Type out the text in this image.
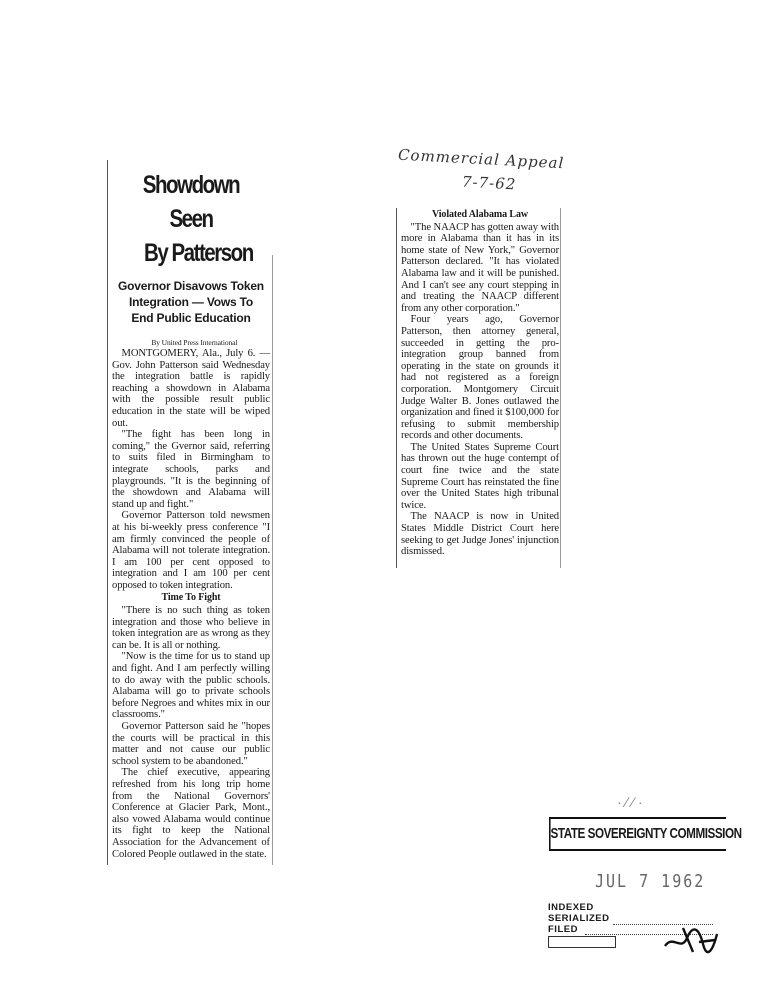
Commercial Appeal
7-7-62
Showdown Seen
By Patterson
Governor Disavows Token
Integration — Vows To
End Public Education

By United Press International

MONTGOMERY, Ala., July 6. —Gov. John Patterson said Wednesday the integration battle is rapidly reaching a showdown in Alabama with the possible result public education in the state will be wiped out.

"The fight has been long in coming," the Gvernor said, referring to suits filed in Birmingham to integrate schools, parks and playgrounds. "It is the beginning of the showdown and Alabama will stand up and fight."

Governor Patterson told newsmen at his bi-weekly press conference "I am firmly convinced the people of Alabama will not tolerate integration. I am 100 per cent opposed to integration and I am 100 per cent opposed to token integration.

Time To Fight

"There is no such thing as token integration and those who believe in token integration are as wrong as they can be. It is all or nothing.

"Now is the time for us to stand up and fight. And I am perfectly willing to do away with the public schools. Alabama will go to private schools before Negroes and whites mix in our classrooms."

Governor Patterson said he "hopes the courts will be practical in this matter and not cause our public school system to be abandoned."

The chief executive, appearing refreshed from his long trip home from the National Governors' Conference at Glacier Park, Mont., also vowed Alabama would continue its fight to keep the National Association for the Advancement of Colored People outlawed in the state.

Violated Alabama Law

"The NAACP has gotten away with more in Alabama than it has in its home state of New York," Governor Patterson declared. "It has violated Alabama law and it will be punished. And I can't see any court stepping in and treating the NAACP different from any other corporation."

Four years ago, Governor Patterson, then attorney general, succeeded in getting the pro-integration group banned from operating in the state on grounds it had not registered as a foreign corporation. Montgomery Circuit Judge Walter B. Jones outlawed the organization and fined it $100,000 for refusing to submit membership records and other documents.

The United States Supreme Court has thrown out the huge contempt of court fine twice and the state Supreme Court has reinstated the fine over the United States high tribunal twice.

The NAACP is now in United States Middle District Court here seeking to get Judge Jones' injunction dismissed.

· ∕ ⁄ ·
STATE SOVEREIGNTY COMMISSION
JUL 7 1962
INDEXED
SERIALIZED
FILED
